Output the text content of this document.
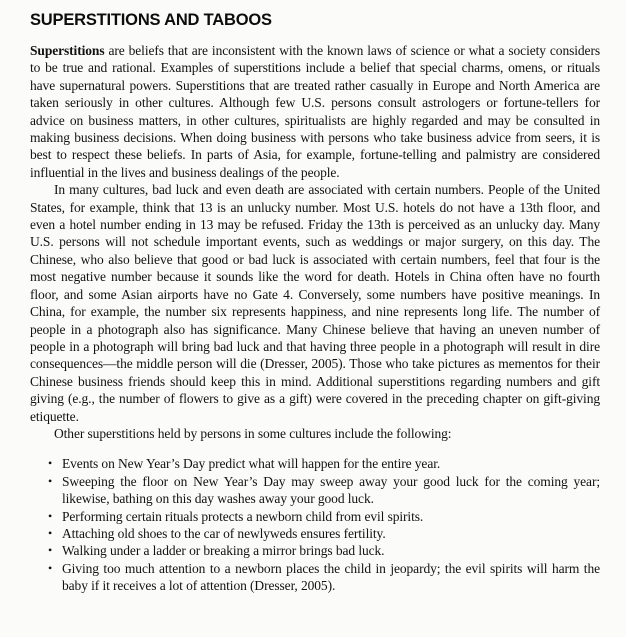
SUPERSTITIONS AND TABOOS

Superstitions are beliefs that are inconsistent with the known laws of science or what a society considers to be true and rational. Examples of superstitions include a belief that special charms, omens, or rituals have supernatural powers. Superstitions that are treated rather casually in Europe and North America are taken seriously in other cultures. Although few U.S. persons consult astrologers or fortune-tellers for advice on business matters, in other cultures, spiritualists are highly regarded and may be consulted in making business decisions. When doing business with persons who take business advice from seers, it is best to respect these beliefs. In parts of Asia, for example, fortune-telling and palmistry are considered influential in the lives and business dealings of the people.

In many cultures, bad luck and even death are associated with certain numbers. People of the United States, for example, think that 13 is an unlucky number. Most U.S. hotels do not have a 13th floor, and even a hotel number ending in 13 may be refused. Friday the 13th is perceived as an unlucky day. Many U.S. persons will not schedule important events, such as weddings or major surgery, on this day. The Chinese, who also believe that good or bad luck is associated with certain numbers, feel that four is the most negative number because it sounds like the word for death. Hotels in China often have no fourth floor, and some Asian airports have no Gate 4. Conversely, some numbers have positive meanings. In China, for example, the number six represents happiness, and nine represents long life. The number of people in a photograph also has significance. Many Chinese believe that having an uneven number of people in a photograph will bring bad luck and that having three people in a photograph will result in dire consequences—the middle person will die (Dresser, 2005). Those who take pictures as mementos for their Chinese business friends should keep this in mind. Additional superstitions regarding numbers and gift giving (e.g., the number of flowers to give as a gift) were covered in the preceding chapter on gift-giving etiquette.

Other superstitions held by persons in some cultures include the following:

• Events on New Year’s Day predict what will happen for the entire year.
• Sweeping the floor on New Year’s Day may sweep away your good luck for the coming year; likewise, bathing on this day washes away your good luck.
• Performing certain rituals protects a newborn child from evil spirits.
• Attaching old shoes to the car of newlyweds ensures fertility.
• Walking under a ladder or breaking a mirror brings bad luck.
• Giving too much attention to a newborn places the child in jeopardy; the evil spirits will harm the baby if it receives a lot of attention (Dresser, 2005).
